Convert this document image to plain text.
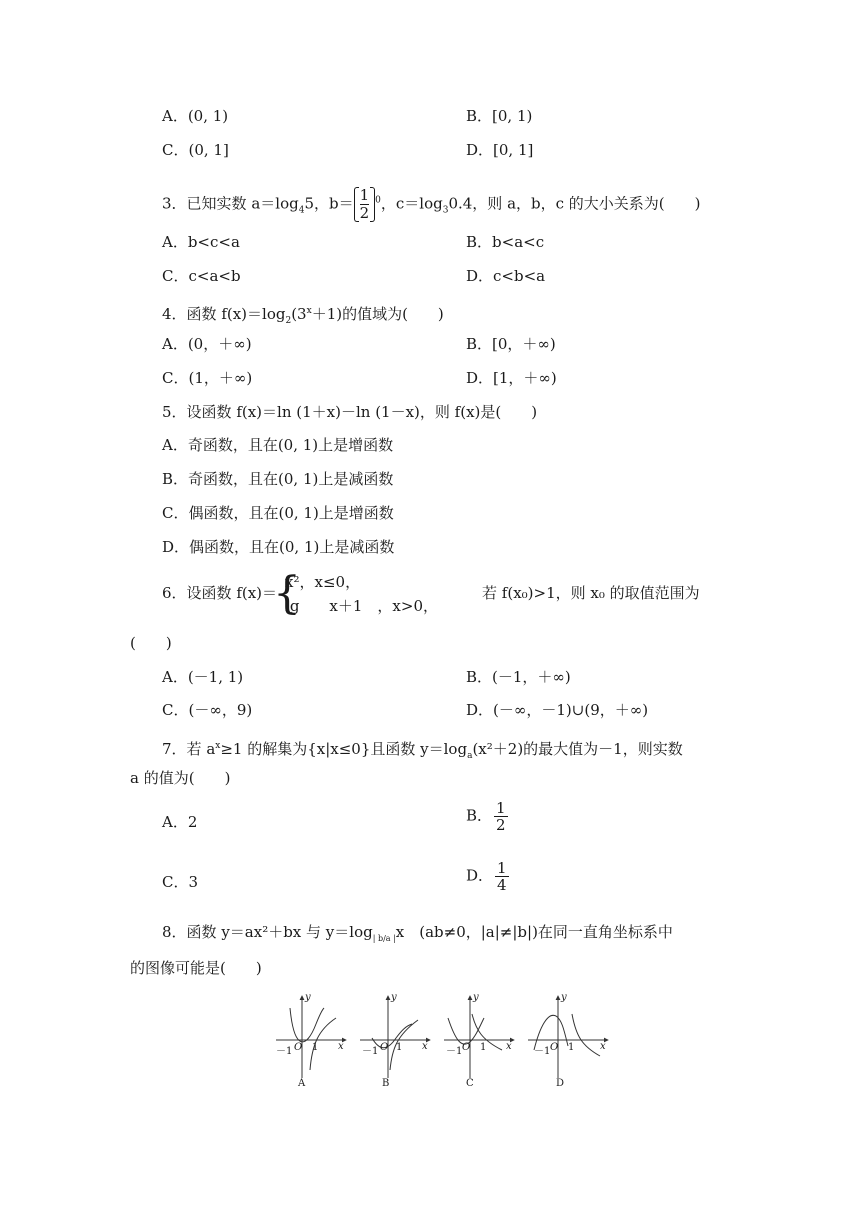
A．(0, 1)	B．[0, 1)
C．(0, 1]	D．[0, 1]
3．已知实数 $a=\log_45$，$b= \frac{1}{2} ^0$，$c=\log_30.4$，则 a，b，c 的大小关系为(　　)
A．b<c<a	B．b<a<c
C．c<a<b	D．c<b<a
4．函数 $f(x)=\log_2(3^x+1)$的值域为(　　)
A．(0，＋∞)	B．[0，＋∞)
C．(1，＋∞)	D．[1，＋∞)
5．设函数 f(x)＝ln (1＋x)－ln (1－x)，则 f(x)是(　　)
A．奇函数，且在(0, 1)上是增函数
B．奇函数，且在(0, 1)上是减函数
C．偶函数，且在(0, 1)上是增函数
D．偶函数，且在(0, 1)上是减函数
6．设函数 f(x)＝
{ x²，x≤0，
lg　　x＋1　，x>0，
若 f(x₀)>1，则 x₀ 的取值范围为
(　　)
A．(－1, 1)	B．(－1，＋∞)
C．(－∞，9)	D．(－∞，－1)∪(9，＋∞)
7．若 $a^x\ge 1$ 的解集为{x|x≤0}且函数 $y=\log_a(x^2+2)$的最大值为－1，则实数
a 的值为(　　)
A．2	B． $\frac{1}{2}$
C．3	D． $\frac{1}{4}$
8．函数 y＝ax²＋bx 与 $y=\log_{| b/a |}x$　(ab≠0，|a|≠|b|)在同一直角坐标系中
的图像可能是(　　)
x
y
－1 O 1	x
y
－1 O 1	x
y
－1 O 1	x
y
－1 O 1
A	B	C	D
